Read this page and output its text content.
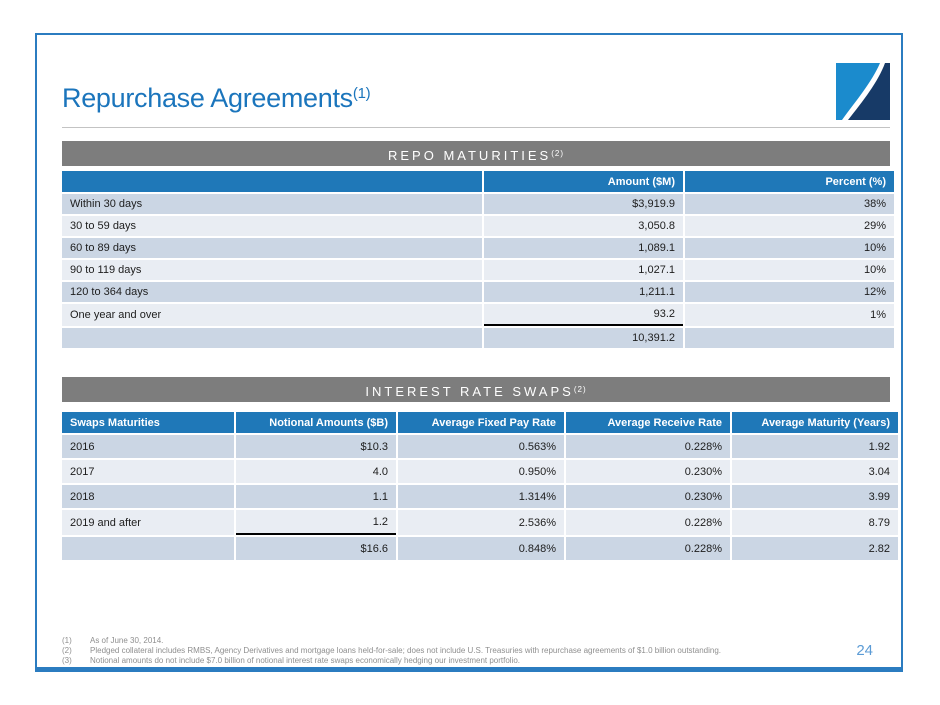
Repurchase Agreements$^{(1)}$
REPO MATURITIES$^{(2)}$
	Amount ($M)	Percent (%)
Within 30 days	$3,919.9	38%
30 to 59 days	3,050.8	29%
60 to 89 days	1,089.1	10%
90 to 119 days	1,027.1	10%
120 to 364 days	1,211.1	12%
One year and over	93.2	1%
	10,391.2	
INTEREST RATE SWAPS$^{(2)}$
Swaps Maturities	Notional Amounts ($B)	Average Fixed Pay Rate	Average Receive Rate	Average Maturity (Years)
2016	$10.3	0.563%	0.228%	1.92
2017	4.0	0.950%	0.230%	3.04
2018	1.1	1.314%	0.230%	3.99
2019 and after	1.2	2.536%	0.228%	8.79
	$16.6	0.848%	0.228%	2.82
(1)	As of June 30, 2014.
(2)	Pledged collateral includes RMBS, Agency Derivatives and mortgage loans held-for-sale; does not include U.S. Treasuries with repurchase agreements of $1.0 billion outstanding.
(3)	Notional amounts do not include $7.0 billion of notional interest rate swaps economically hedging our investment portfolio.
24
